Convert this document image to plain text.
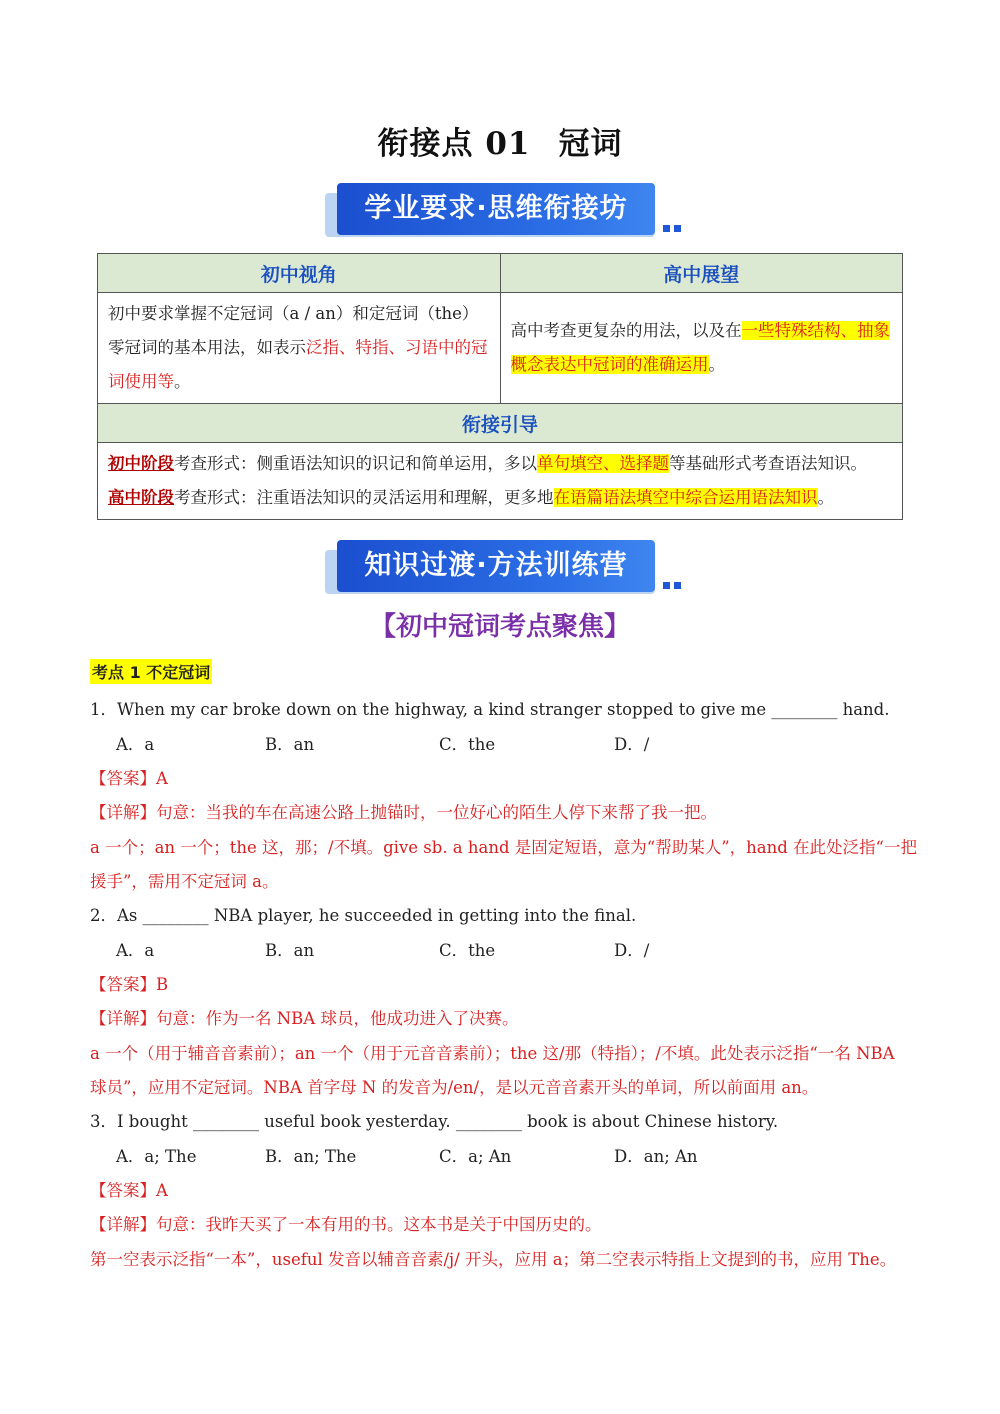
衔接点 01 冠词
学业要求·思维衔接坊
初中视角	高中展望
初中要求掌握不定冠词（a / an）和定冠词（the）零冠词的基本用法，如表示泛指、特指、习语中的冠词使用等。	高中考查更复杂的用法，以及在一些特殊结构、抽象概念表达中冠词的准确运用。
衔接引导	

初中阶段考查形式：侧重语法知识的识记和简单运用，多以单句填空、选择题等基础形式考查语法知识。
高中阶段考查形式：注重语法知识的灵活运用和理解，更多地在语篇语法填空中综合运用语法知识。	
知识过渡·方法训练营
【初中冠词考点聚焦】
考点 1 不定冠词
1．When my car broke down on the highway, a kind stranger stopped to give me ________ hand.
A．a	B．an	C．the	D．/
【答案】A
【详解】句意：当我的车在高速公路上抛锚时，一位好心的陌生人停下来帮了我一把。
a 一个；an 一个；the 这，那；/不填。give sb. a hand 是固定短语，意为“帮助某人”，hand 在此处泛指“一把
援手”，需用不定冠词 a。
2．As ________ NBA player, he succeeded in getting into the final.
A．a	B．an	C．the	D．/
【答案】B
【详解】句意：作为一名 NBA 球员，他成功进入了决赛。
a 一个（用于辅音音素前）；an 一个（用于元音音素前）；the 这/那（特指）；/不填。此处表示泛指“一名 NBA
球员”，应用不定冠词。NBA 首字母 N 的发音为/en/，是以元音音素开头的单词，所以前面用 an。
3．I bought ________ useful book yesterday. ________ book is about Chinese history.
A．a; The	B．an; The	C．a; An	D．an; An
【答案】A
【详解】句意：我昨天买了一本有用的书。这本书是关于中国历史的。
第一空表示泛指“一本”，useful 发音以辅音音素/j/ 开头，应用 a；第二空表示特指上文提到的书，应用 The。
